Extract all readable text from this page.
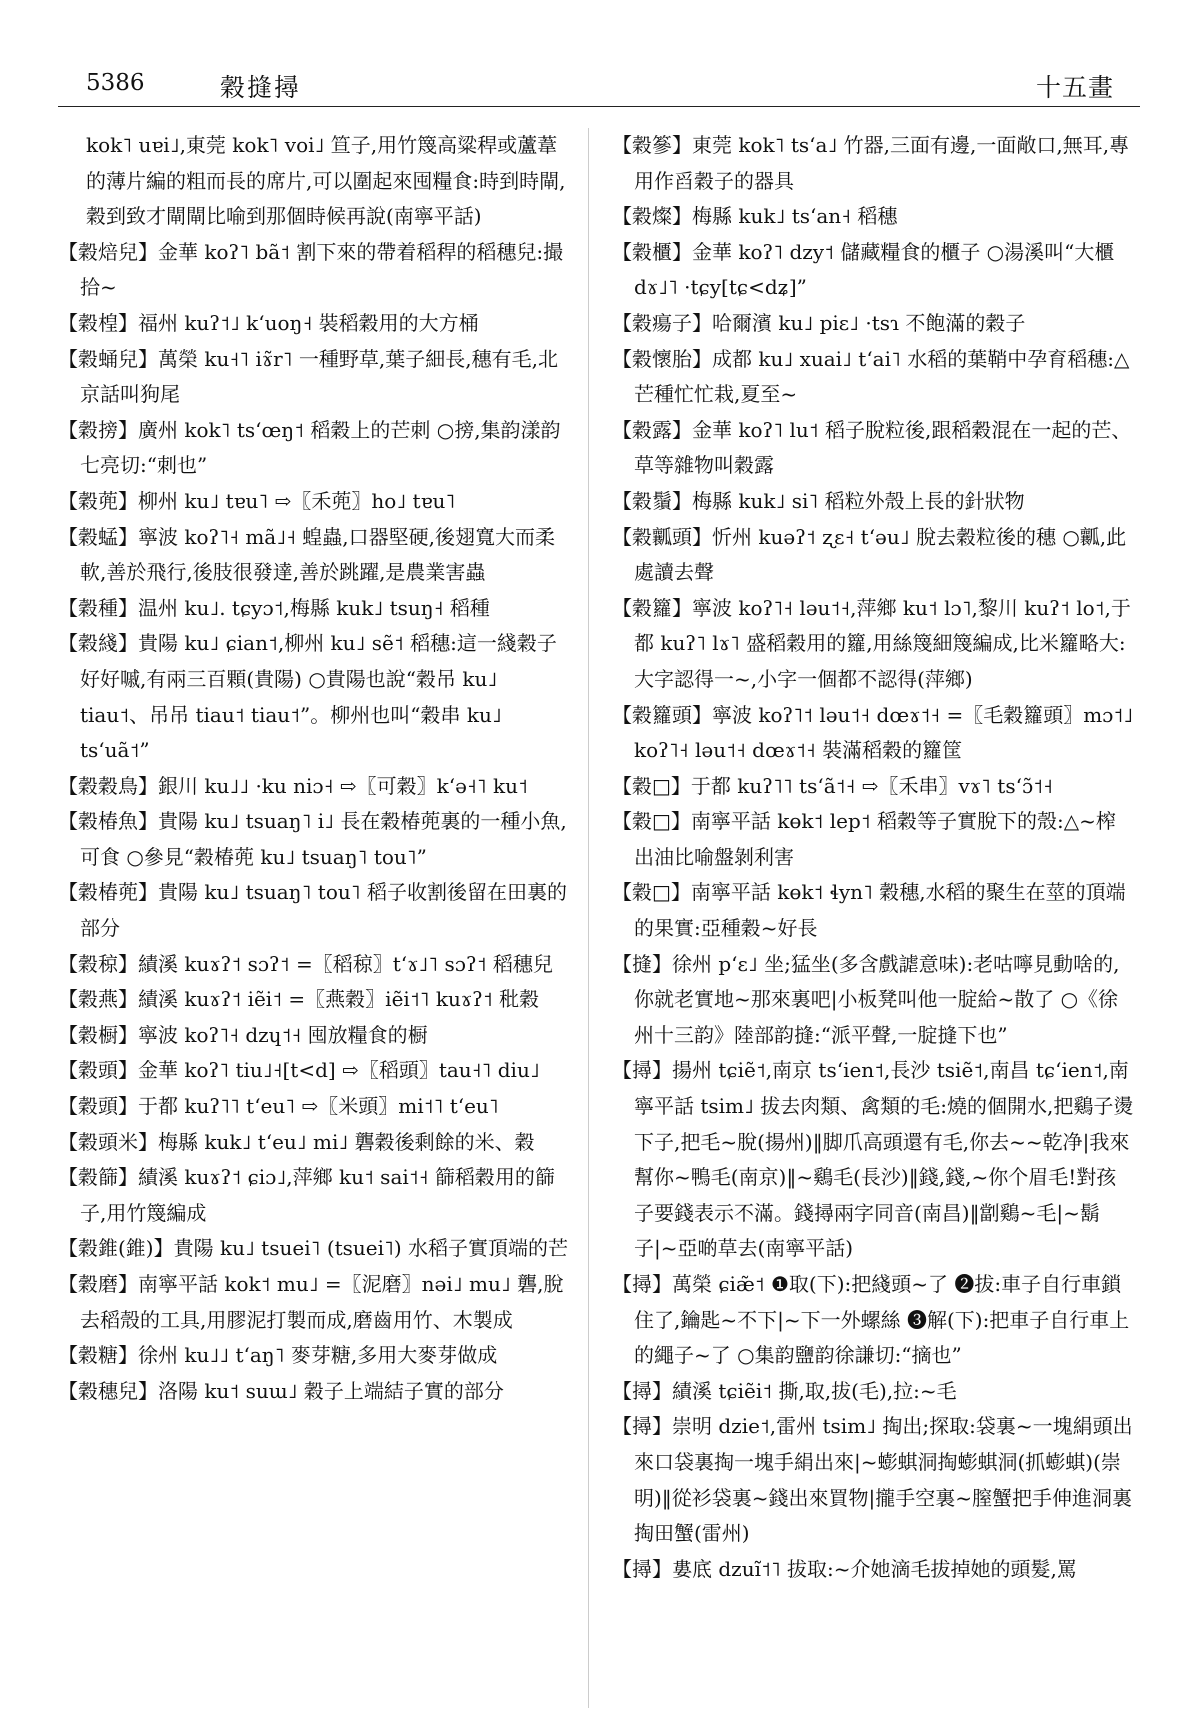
5386	穀摓撏	十五畫

kok˥ uɐi˩,東莞 kok˥ voi˩ 笪子,用竹篾高粱稈或蘆葦的薄片編的粗而長的席片,可以圍起來囤糧食:時到時閘,穀到致才閘閘比喻到那個時候再說(南寧平話)

【穀焙兒】金華 koʔ˥ bã˦ 割下來的帶着稻稈的稻穗兒:撮拾~

【穀楻】福州 kuʔ˦˩ kʻuoŋ˧ 裝稻穀用的大方桶

【穀蛹兒】萬榮 ku˧˥ iɤ̃r˥ 一種野草,葉子細長,穗有毛,北京話叫狗尾

【穀搒】廣州 kok˥ tsʻœŋ˦ 稻穀上的芒刺 ○搒,集韵漾韵七亮切:“刺也”

【穀蔸】柳州 ku˩ tɐu˥ ⇨〖禾蔸〗ho˩ tɐu˥

【穀蜢】寧波 koʔ˥˧ mã˩˧ 蝗蟲,口器堅硬,後翅寬大而柔軟,善於飛行,後肢很發達,善於跳躍,是農業害蟲

【穀種】温州 ku˩. tɕyɔ˦,梅縣 kuk˩ tsuŋ˧ 稻種

【穀綫】貴陽 ku˩ ɕian˦,柳州 ku˩ sẽ˦ 稻穗:這一綫穀子好好嘁,有兩三百顆(貴陽) ○貴陽也說“穀吊 ku˩ tiau˦、吊吊 tiau˦ tiau˦”。柳州也叫“穀串 ku˩ tsʻuã˦”

【穀穀鳥】銀川 ku˩˩ ·ku niɔ˧ ⇨〖可穀〗kʻə˧˥ ku˦

【穀椿魚】貴陽 ku˩ tsuaŋ˥ i˩ 長在穀椿蔸裏的一種小魚,可食 ○參見“穀椿蔸 ku˩ tsuaŋ˥ tou˥”

【穀椿蔸】貴陽 ku˩ tsuaŋ˥ tou˥ 稻子收割後留在田裏的部分

【穀稤】績溪 kuɤʔ˦ sɔʔ˦ =〖稻稤〗tʻɤ˩˥ sɔʔ˦ 稻穗兒

【穀燕】績溪 kuɤʔ˦ iẽi˦ =〖燕穀〗iẽi˦˥ kuɤʔ˦ 秕穀

【穀橱】寧波 koʔ˥˧ dzɥ˦˧ 囤放糧食的橱

【穀頭】金華 koʔ˥ tiu˩˧[t<d] ⇨〖稻頭〗tau˧˥ diu˩

【穀頭】于都 kuʔ˥˥ tʻeu˥ ⇨〖米頭〗mi˦˥ tʻeu˥

【穀頭米】梅縣 kuk˩ tʻeu˩ mi˩ 礱穀後剩餘的米、穀

【穀篩】績溪 kuɤʔ˦ ɕiɔ˩,萍鄉 ku˦ sai˦˧ 篩稻穀用的篩子,用竹篾編成

【穀錐(錐)】貴陽 ku˩ tsuei˥ (tsuei˥) 水稻子實頂端的芒

【穀磨】南寧平話 kok˦ mu˩ =〖泥磨〗nəi˩ mu˩ 礱,脫去稻殼的工具,用膠泥打製而成,磨齒用竹、木製成

【穀糖】徐州 ku˩˩ tʻaŋ˥ 麥芽糖,多用大麥芽做成

【穀穗兒】洛陽 ku˦ suɯ˩ 穀子上端結子實的部分

【穀篸】東莞 kok˥ tsʻa˩ 竹器,三面有邊,一面敞口,無耳,專用作舀穀子的器具

【穀燦】梅縣 kuk˩ tsʻan˧ 稻穗

【穀櫃】金華 koʔ˥ dzy˦ 儲藏糧食的櫃子 ○湯溪叫“大櫃 dɤ˩˥ ·tɕy[tɕ<dʑ]”

【穀瘍子】哈爾濱 ku˩ piɛ˩ ·tsɿ 不飽滿的穀子

【穀懷胎】成都 ku˩ xuai˩ tʻai˥ 水稻的葉鞘中孕育稻穗:△芒種忙忙栽,夏至~

【穀露】金華 koʔ˥ lu˦ 稻子脫粒後,跟稻穀混在一起的芒、草等雜物叫穀露

【穀鬚】梅縣 kuk˩ si˥ 稻粒外殼上長的針狀物

【穀瓤頭】忻州 kuəʔ˦ ʐɛ˧ tʻəu˩ 脫去穀粒後的穗 ○瓤,此處讀去聲

【穀籮】寧波 koʔ˥˧ ləu˦˧,萍鄉 ku˦ lɔ˥,黎川 kuʔ˦ lo˦,于都 kuʔ˥ lɤ˥ 盛稻穀用的籮,用絲篾細篾編成,比米籮略大:大字認得一~,小字一個都不認得(萍鄉)

【穀籮頭】寧波 koʔ˥˦ ləu˦˧ dœɤ˦˧ =〖毛穀籮頭〗mɔ˦˩ koʔ˥˧ ləu˦˧ dœɤ˦˧ 裝滿稻穀的籮筐

【穀□】于都 kuʔ˥˥ tsʻã˦˧ ⇨〖禾串〗vɤ˥ tsʻɔ̃˦˧

【穀□】南寧平話 kɵk˦ lep˦ 稻穀等子實脫下的殼:△~榨出油比喻盤剝利害

【穀□】南寧平話 kɵk˦ ɬyn˥ 穀穗,水稻的聚生在莖的頂端的果實:亞種穀~好長

【摓】徐州 pʻɛ˩ 坐;猛坐(多含戲謔意味):老咕嚀見動啥的,你就老實地~那來裏吧|小板凳叫他一腚給~散了 ○《徐州十三韵》陸部韵摓:“派平聲,一腚摓下也”

【撏】揚州 tɕiẽ˦,南京 tsʻien˦,長沙 tsiẽ˦,南昌 tɕʻien˦,南寧平話 tsim˩ 拔去肉類、禽類的毛:燒的個開水,把鷄子燙下子,把毛~脫(揚州)‖脚爪高頭還有毛,你去~~乾净|我來幫你~鴨毛(南京)‖~鷄毛(長沙)‖錢,錢,~你个眉毛!對孩子要錢表示不滿。錢撏兩字同音(南昌)‖劏鷄~毛|~鬍子|~亞啲草去(南寧平話)

【撏】萬榮 ɕiæ̃˦ ❶取(下):把綫頭~了 ❷拔:車子自行車鎖住了,鑰匙~不下|~下一外螺絲 ❸解(下):把車子自行車上的繩子~了 ○集韵鹽韵徐謙切:“摘也”

【撏】績溪 tɕiẽi˦ 撕,取,拔(毛),拉:~毛

【撏】崇明 dzie˦,雷州 tsim˩ 掏出;探取:袋裏~一塊絹頭出來口袋裏掏一塊手絹出來|~蟛蜞洞掏蟛蜞洞(抓蟛蜞)(崇明)‖從衫袋裏~錢出來買物|攏手空裏~膣蟹把手伸進洞裏掏田蟹(雷州)

【撏】婁底 dzuĩ˦˥ 拔取:~介她滴毛拔掉她的頭髮,罵
